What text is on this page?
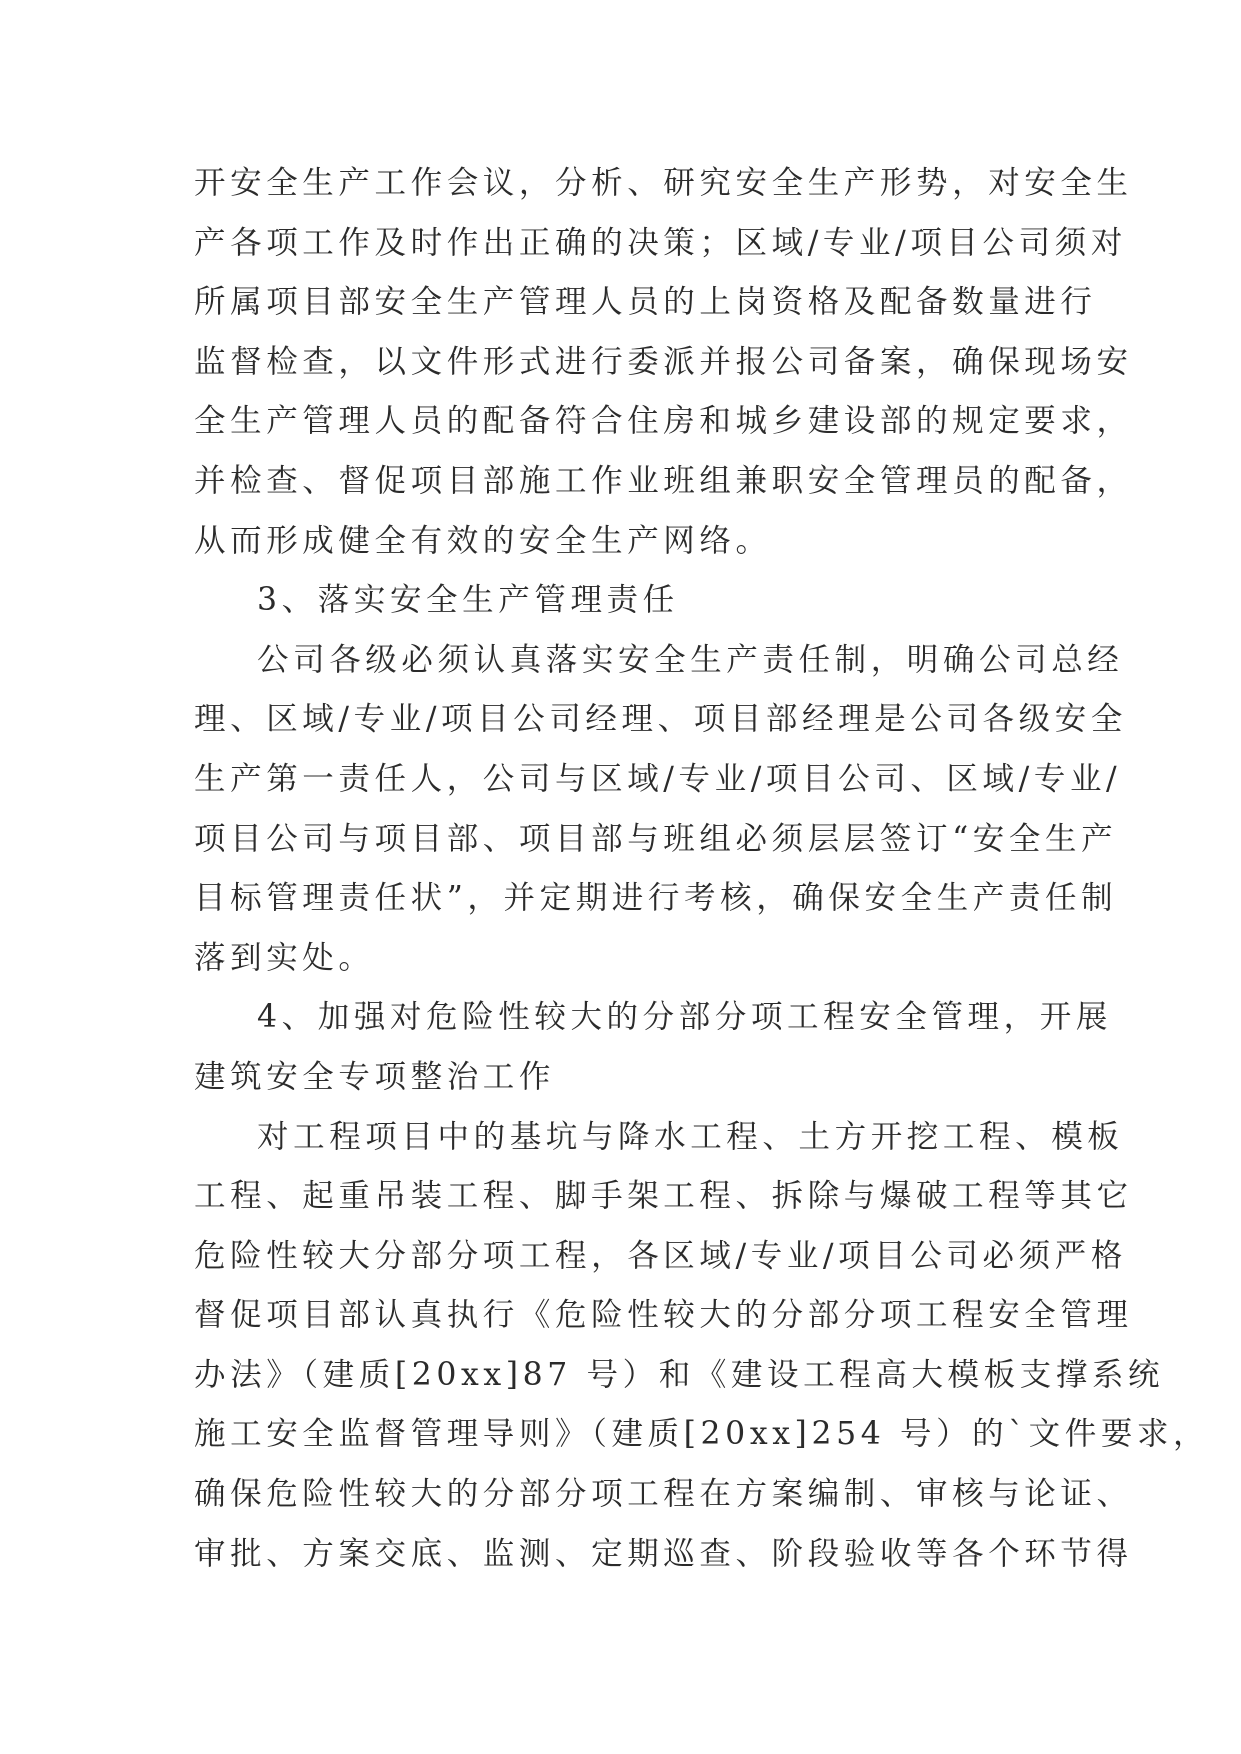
开安全生产工作会议，分析、研究安全生产形势，对安全生
产各项工作及时作出正确的决策；区域/专业/项目公司须对
所属项目部安全生产管理人员的上岗资格及配备数量进行
监督检查，以文件形式进行委派并报公司备案，确保现场安
全生产管理人员的配备符合住房和城乡建设部的规定要求，
并检查、督促项目部施工作业班组兼职安全管理员的配备，
从而形成健全有效的安全生产网络。
3、落实安全生产管理责任
公司各级必须认真落实安全生产责任制，明确公司总经
理、区域/专业/项目公司经理、项目部经理是公司各级安全
生产第一责任人，公司与区域/专业/项目公司、区域/专业/
项目公司与项目部、项目部与班组必须层层签订“安全生产
目标管理责任状”，并定期进行考核，确保安全生产责任制
落到实处。
4、加强对危险性较大的分部分项工程安全管理，开展
建筑安全专项整治工作
对工程项目中的基坑与降水工程、土方开挖工程、模板
工程、起重吊装工程、脚手架工程、拆除与爆破工程等其它
危险性较大分部分项工程，各区域/专业/项目公司必须严格
督促项目部认真执行《危险性较大的分部分项工程安全管理
办法》（建质[20xx]87 号）和《建设工程高大模板支撑系统
施工安全监督管理导则》（建质[20xx]254 号）的`文件要求，
确保危险性较大的分部分项工程在方案编制、审核与论证、
审批、方案交底、监测、定期巡查、阶段验收等各个环节得
